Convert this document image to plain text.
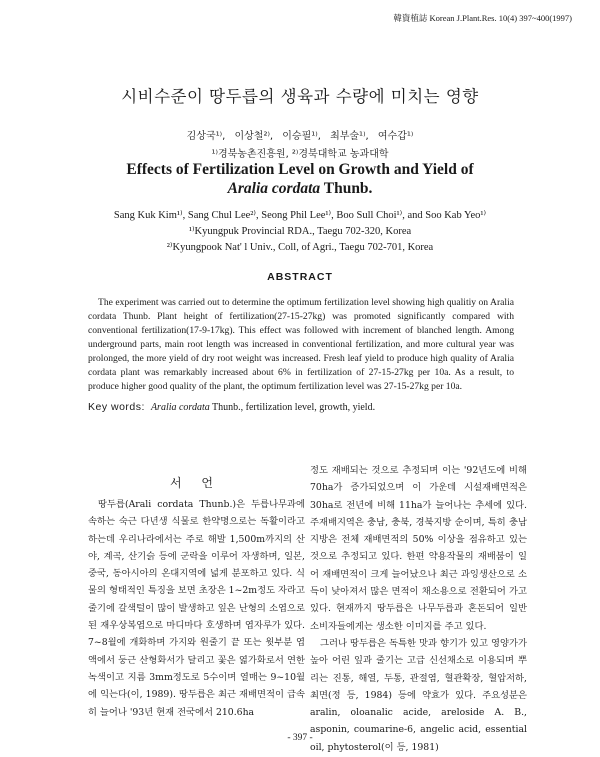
韓資植誌 Korean J.Plant.Res. 10(4) 397~400(1997)
시비수준이 땅두릅의 생육과 수량에 미치는 영향
김상국¹⁾, 이상철²⁾, 이승필¹⁾, 최부술¹⁾, 여수갑¹⁾
¹⁾경북농촌진흥원, ²⁾경북대학교 농과대학
Effects of Fertilization Level on Growth and Yield of
Aralia cordata Thunb.
Sang Kuk Kim¹⁾, Sang Chul Lee²⁾, Seong Phil Lee¹⁾, Boo Sull Choi¹⁾, and Soo Kab Yeo¹⁾
¹⁾Kyungpuk Provincial RDA., Taegu 702-320, Korea
²⁾Kyungpook Nat' l Univ., Coll, of Agri., Taegu 702-701, Korea
ABSTRACT
The experiment was carried out to determine the optimum fertilization level showing high qualitiy on Aralia cordata Thunb. Plant height of fertilization(27-15-27kg) was promoted significantly compared with conventional fertilization(17-9-17kg). This effect was followed with increment of blanched length. Among underground parts, main root length was increased in conventional fertilization, and more cultural year was prolonged, the more yield of dry root weight was increased. Fresh leaf yield to produce high quality of Aralia cordata plant was remarkably increased about 6% in fertilization of 27-15-27kg per 10a. As a result, to produce higher good quality of the plant, the optimum fertilization level was 27-15-27kg per 10a.
Key words: Aralia cordata Thunb., fertilization level, growth, yield.
서 언
땅두릅(Arali cordata Thunb.)은 두릅나무과에 속하는 숙근 다년생 식물로 한약명으로는 독활이라고 하는데 우리나라에서는 주로 해발 1,500m까지의 산야, 계곡, 산기슭 등에 군락을 이루어 자생하며, 일본, 중국, 동아시아의 온대지역에 넓게 분포하고 있다. 식물의 형태적인 특징을 보면 초장은 1~2m정도 자라고 줄기에 갈색털이 많이 발생하고 잎은 난형의 소엽으로 된 재우상복엽으로 마디마다 호생하며 엽자루가 있다. 7~8월에 개화하며 가지와 원줄기 끝 또는 윗부분 엽액에서 둥근 산형화서가 달리고 꽃은 엷가화로서 연한 녹색이고 지름 3mm정도로 5수이며 열매는 9~10월에 익는다(이, 1989). 땅두릅은 최근 재배면적이 급속히 늘어나 '93년 현재 전국에서 210.6ha

정도 재배되는 것으로 추정되며 이는 '92년도에 비해 70ha가 증가되었으며 이 가운데 시설재배면적은 30ha로 전년에 비해 11ha가 늘어나는 추세에 있다. 주재배지역은 충남, 충북, 경북지방 순이며, 특히 충남지방은 전체 재배면적의 50% 이상을 점유하고 있는 것으로 추정되고 있다. 한편 약용작물의 재배붐이 일어 재배면적이 크게 늘어났으나 최근 과잉생산으로 소득이 낮아져서 많은 면적이 채소용으로 전환되어 가고 있다. 현재까지 땅두릅은 나무두릅과 혼돈되어 일반 소비자들에게는 생소한 이미지를 주고 있다.

그러나 땅두릅은 독특한 맛과 향기가 있고 영양가가 높아 어린 잎과 줄기는 고급 신선채소로 이용되며 뿌리는 진통, 해열, 두통, 관절염, 혈관확장, 혈압저하, 최면(정 등, 1984) 등에 약효가 있다. 주요성분은 aralin, oloanalic acide, areloside A. B., asponin, coumarine-6, angelic acid, essential oil, phytosterol(이 등, 1981)

- 397 -
